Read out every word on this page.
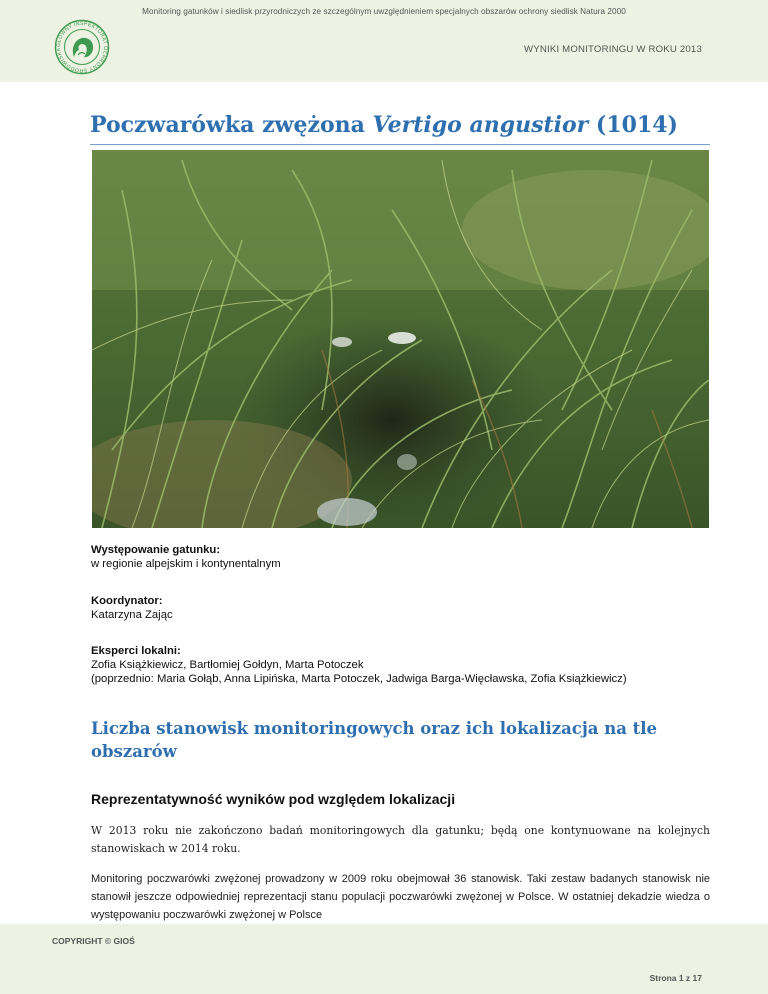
Monitoring gatunków i siedlisk przyrodniczych ze szczególnym uwzględnieniem specjalnych obszarów ochrony siedlisk Natura 2000
GŁÓWNY INSPEKTORAT OCHRONY ŚRODOWISKA	WYNIKI MONITORINGU W ROKU 2013
Poczwarówka zwężona Vertigo angustior (1014)
Występowanie gatunku:
w regionie alpejskim i kontynentalnym
Koordynator:
Katarzyna Zając
Eksperci lokalni:
Zofia Książkiewicz, Bartłomiej Gołdyn, Marta Potoczek
(poprzednio: Maria Gołąb, Anna Lipińska, Marta Potoczek, Jadwiga Barga-Więcławska, Zofia Książkiewicz)
Liczba stanowisk monitoringowych oraz ich lokalizacja na tle obszarów
Reprezentatywność wyników pod względem lokalizacji

W 2013 roku nie zakończono badań monitoringowych dla gatunku; będą one kontynuowane na kolejnych stanowiskach w 2014 roku.

Monitoring poczwarówki zwężonej prowadzony w 2009 roku obejmował 36 stanowisk. Taki zestaw badanych stanowisk nie stanowił jeszcze odpowiedniej reprezentacji stanu populacji poczwarówki zwężonej w Polsce. W ostatniej dekadzie wiedza o występowaniu poczwarówki zwężonej w Polsce

COPYRIGHT © GIOŚ
Strona 1 z 17
